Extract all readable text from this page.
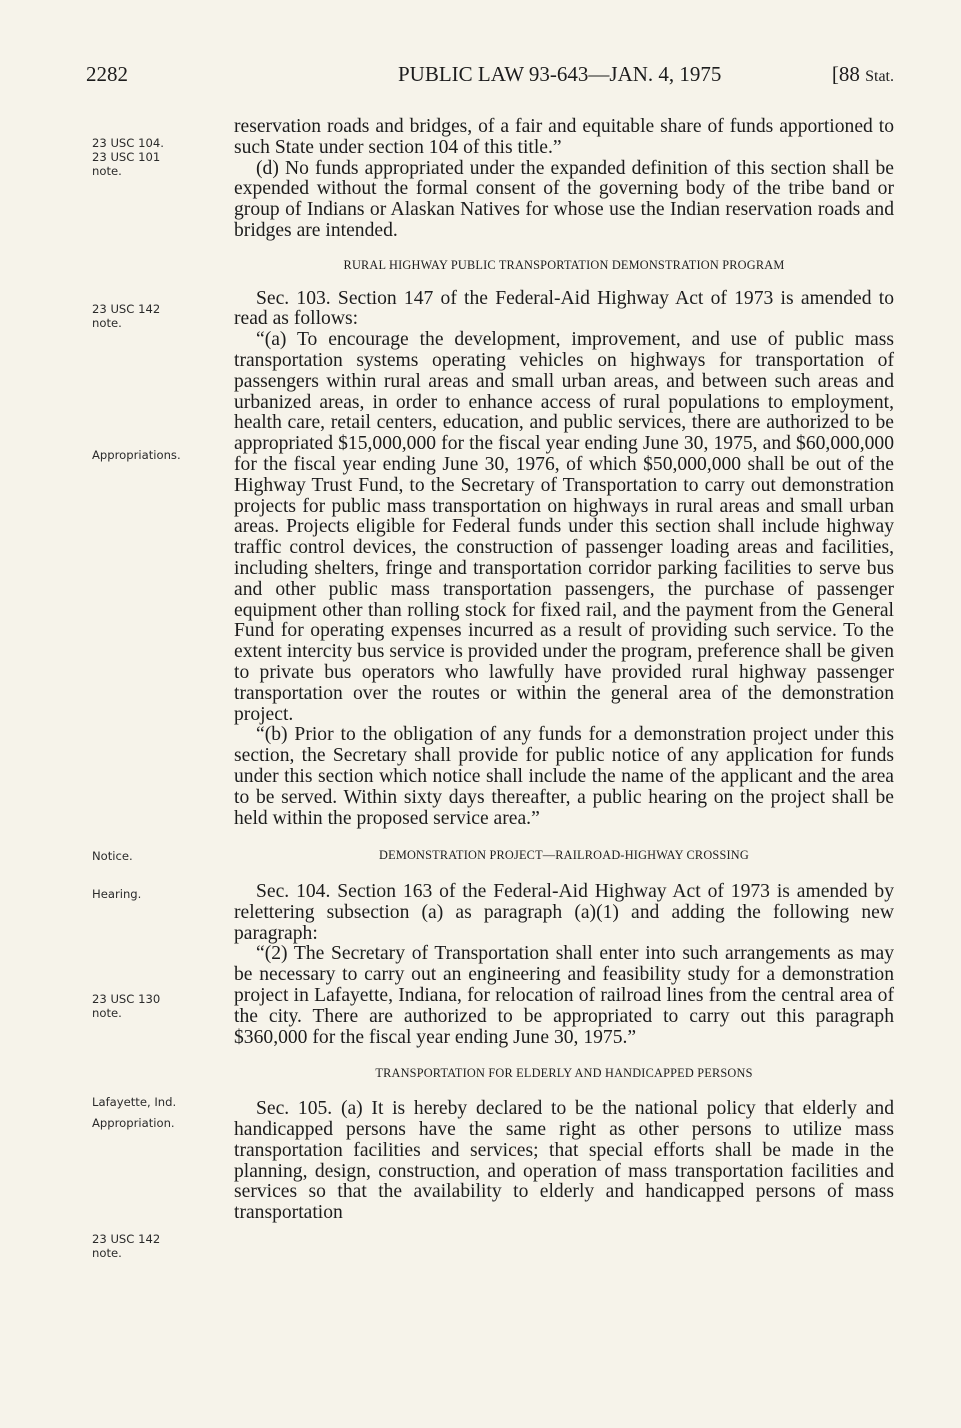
2282	PUBLIC LAW 93-643—JAN. 4, 1975	[88 Stat.
23 USC 104.
23 USC 101
note.
23 USC 142
note.
Appropriations.
Notice.
Hearing.
23 USC 130
note.
Lafayette, Ind.
Appropriation.
23 USC 142
note.

reservation roads and bridges, of a fair and equitable share of funds apportioned to such State under section 104 of this title.”

(d) No funds appropriated under the expanded definition of this section shall be expended without the formal consent of the governing body of the tribe band or group of Indians or Alaskan Natives for whose use the Indian reservation roads and bridges are intended.

RURAL HIGHWAY PUBLIC TRANSPORTATION DEMONSTRATION PROGRAM

Sec. 103. Section 147 of the Federal-Aid Highway Act of 1973 is amended to read as follows:

“(a) To encourage the development, improvement, and use of public mass transportation systems operating vehicles on highways for transportation of passengers within rural areas and small urban areas, and between such areas and urbanized areas, in order to enhance access of rural populations to employment, health care, retail centers, education, and public services, there are authorized to be appropriated $15,000,000 for the fiscal year ending June 30, 1975, and $60,000,000 for the fiscal year ending June 30, 1976, of which $50,000,000 shall be out of the Highway Trust Fund, to the Secretary of Transportation to carry out demonstration projects for public mass transportation on highways in rural areas and small urban areas. Projects eligible for Federal funds under this section shall include highway traffic control devices, the construction of passenger loading areas and facilities, including shelters, fringe and transportation corridor parking facilities to serve bus and other public mass transportation passengers, the purchase of passenger equipment other than rolling stock for fixed rail, and the payment from the General Fund for operating expenses incurred as a result of providing such service. To the extent intercity bus service is provided under the program, preference shall be given to private bus operators who lawfully have provided rural highway passenger transportation over the routes or within the general area of the demonstration project.

“(b) Prior to the obligation of any funds for a demonstration project under this section, the Secretary shall provide for public notice of any application for funds under this section which notice shall include the name of the applicant and the area to be served. Within sixty days thereafter, a public hearing on the project shall be held within the proposed service area.”

DEMONSTRATION PROJECT—RAILROAD-HIGHWAY CROSSING

Sec. 104. Section 163 of the Federal-Aid Highway Act of 1973 is amended by relettering subsection (a) as paragraph (a)(1) and adding the following new paragraph:

“(2) The Secretary of Transportation shall enter into such arrangements as may be necessary to carry out an engineering and feasibility study for a demonstration project in Lafayette, Indiana, for relocation of railroad lines from the central area of the city. There are authorized to be appropriated to carry out this paragraph $360,000 for the fiscal year ending June 30, 1975.”

TRANSPORTATION FOR ELDERLY AND HANDICAPPED PERSONS

Sec. 105. (a) It is hereby declared to be the national policy that elderly and handicapped persons have the same right as other persons to utilize mass transportation facilities and services; that special efforts shall be made in the planning, design, construction, and operation of mass transportation facilities and services so that the availability to elderly and handicapped persons of mass transportation
